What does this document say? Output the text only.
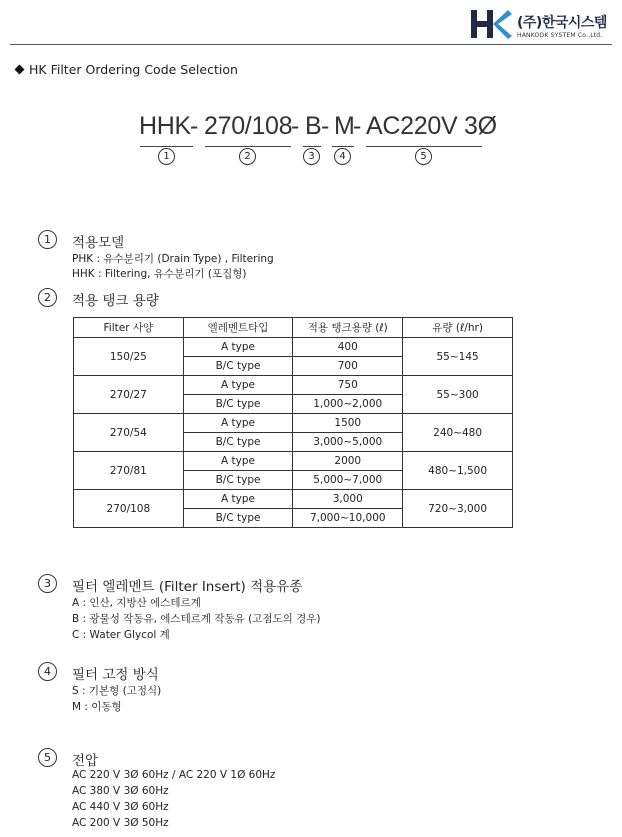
(주)한국시스템
HANKOOK SYSTEM Co.,Ltd.
HK Filter Ordering Code Selection
HHK - 270/108
- B - M
- AC220V 3Ø
1	2	3	4	5
1	적용모델
PHK : 유수분리기 (Drain Type) , Filtering
HHK : Filtering, 유수분리기 (포집형)
2	적용 탱크 용량
Filter 사양	엘레멘트타입	적용 탱크용량 (ℓ)	유량 (ℓ/hr)
150/25	A type	400	55~145
	B/C type	700	
270/27	A type	750	55~300
	B/C type	1,000~2,000	
270/54	A type	1500	240~480
	B/C type	3,000~5,000	
270/81	A type	2000	480~1,500
	B/C type	5,000~7,000	
270/108	A type	3,000	720~3,000
	B/C type	7,000~10,000	
3	필터 엘레멘트 (Filter Insert) 적용유종
A : 인산, 지방산 에스테르계
B : 광물성 작동유, 에스테르계 작동유 (고점도의 경우)
C : Water Glycol 계
4	필터 고정 방식
S : 기본형 (고정식)
M : 이동형
5	전압
AC 220 V 3Ø 60Hz / AC 220 V 1Ø 60Hz
AC 380 V 3Ø 60Hz
AC 440 V 3Ø 60Hz
AC 200 V 3Ø 50Hz
